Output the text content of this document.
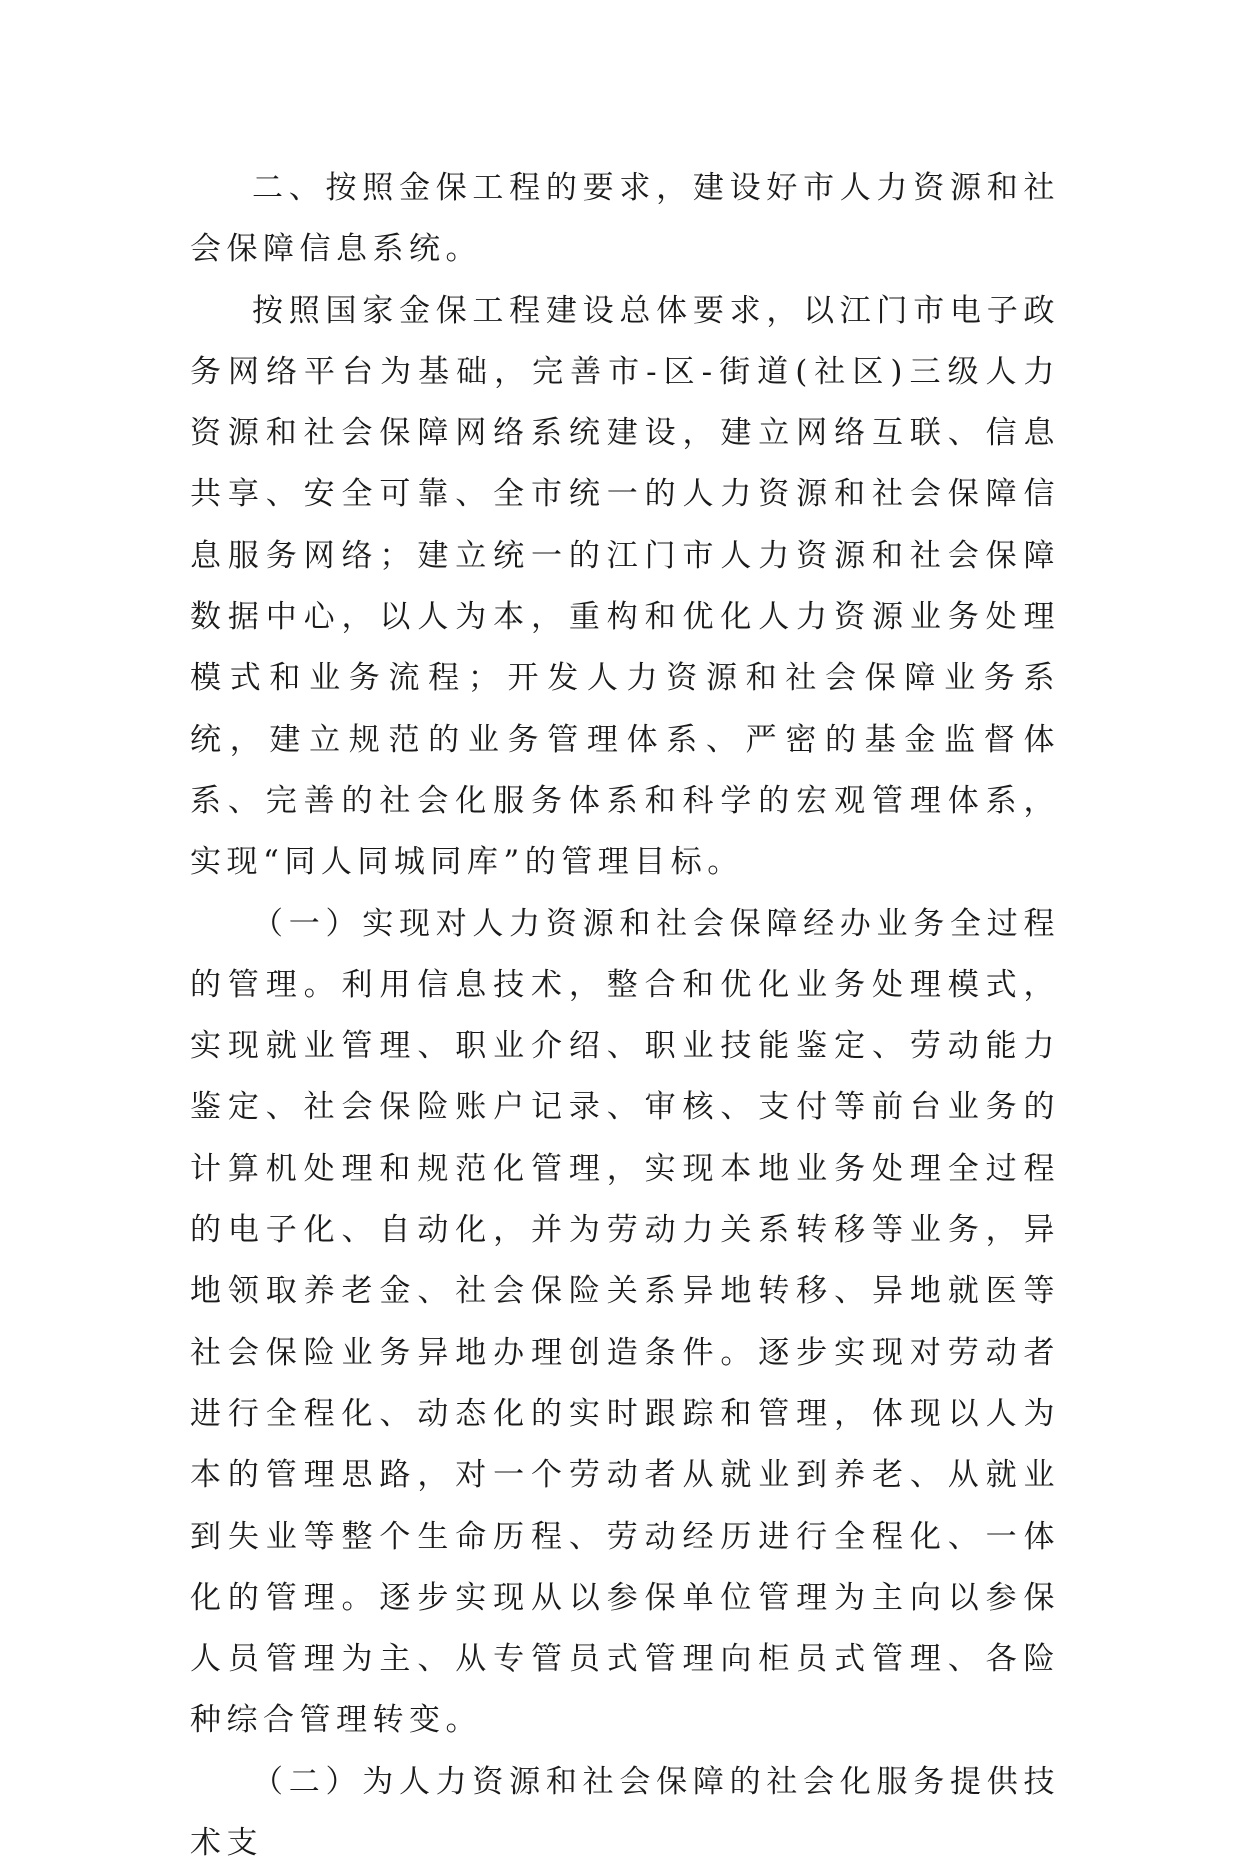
二、按照金保工程的要求，建设好市人力资源和社会保障信息系统。

按照国家金保工程建设总体要求，以江门市电子政务网络平台为基础，完善市-区-街道(社区)三级人力资源和社会保障网络系统建设，建立网络互联、信息共享、安全可靠、全市统一的人力资源和社会保障信息服务网络；建立统一的江门市人力资源和社会保障数据中心，以人为本，重构和优化人力资源业务处理模式和业务流程；开发人力资源和社会保障业务系统，建立规范的业务管理体系、严密的基金监督体系、完善的社会化服务体系和科学的宏观管理体系，实现“同人同城同库”的管理目标。

（一）实现对人力资源和社会保障经办业务全过程的管理。利用信息技术，整合和优化业务处理模式，实现就业管理、职业介绍、职业技能鉴定、劳动能力鉴定、社会保险账户记录、审核、支付等前台业务的计算机处理和规范化管理，实现本地业务处理全过程的电子化、自动化，并为劳动力关系转移等业务，异地领取养老金、社会保险关系异地转移、异地就医等社会保险业务异地办理创造条件。逐步实现对劳动者进行全程化、动态化的实时跟踪和管理，体现以人为本的管理思路，对一个劳动者从就业到养老、从就业到失业等整个生命历程、劳动经历进行全程化、一体化的管理。逐步实现从以参保单位管理为主向以参保人员管理为主、从专管员式管理向柜员式管理、各险种综合管理转变。

（二）为人力资源和社会保障的社会化服务提供技术支
